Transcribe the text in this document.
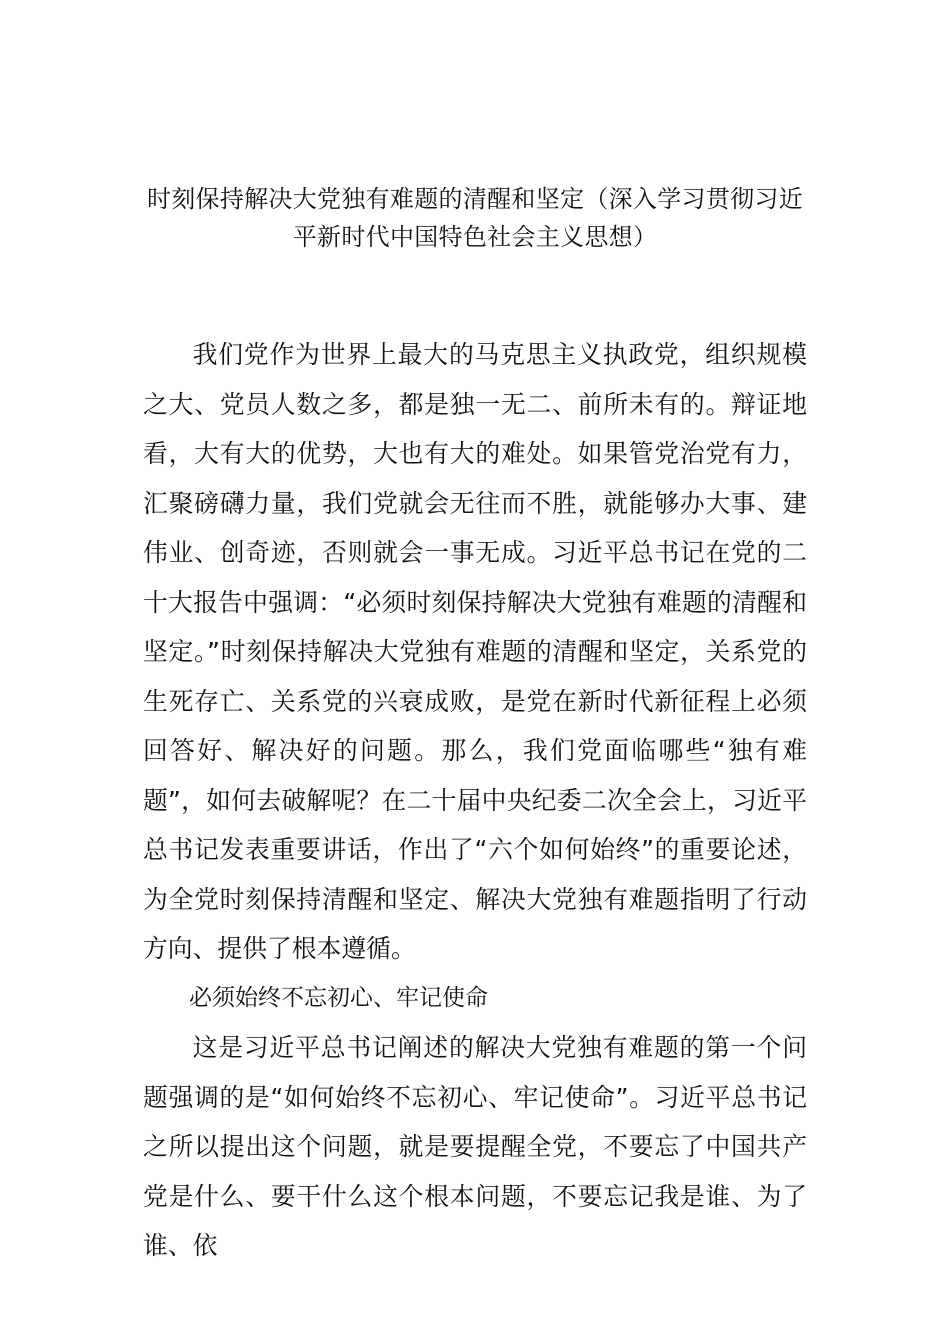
时刻保持解决大党独有难题的清醒和坚定（深入学习贯彻习近平新时代中国特色社会主义思想）

我们党作为世界上最大的马克思主义执政党，组织规模之大、党员人数之多，都是独一无二、前所未有的。辩证地看，大有大的优势，大也有大的难处。如果管党治党有力，汇聚磅礴力量，我们党就会无往而不胜，就能够办大事、建伟业、创奇迹，否则就会一事无成。习近平总书记在党的二十大报告中强调：“必须时刻保持解决大党独有难题的清醒和坚定。”时刻保持解决大党独有难题的清醒和坚定，关系党的生死存亡、关系党的兴衰成败，是党在新时代新征程上必须回答好、解决好的问题。那么，我们党面临哪些“独有难题”，如何去破解呢？在二十届中央纪委二次全会上，习近平总书记发表重要讲话，作出了“六个如何始终”的重要论述，为全党时刻保持清醒和坚定、解决大党独有难题指明了行动方向、提供了根本遵循。

必须始终不忘初心、牢记使命

这是习近平总书记阐述的解决大党独有难题的第一个问题强调的是“如何始终不忘初心、牢记使命”。习近平总书记之所以提出这个问题，就是要提醒全党，不要忘了中国共产党是什么、要干什么这个根本问题，不要忘记我是谁、为了谁、依
